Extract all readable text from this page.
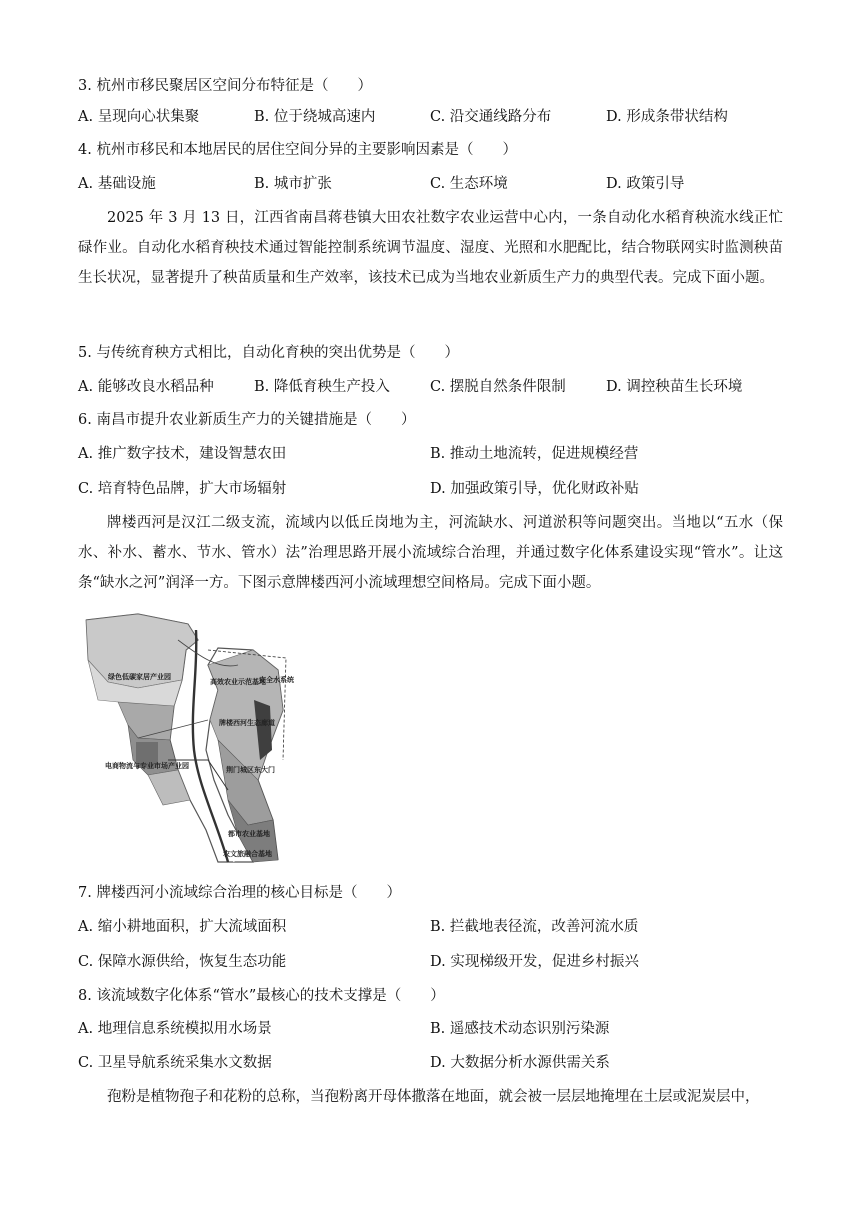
3. 杭州市移民聚居区空间分布特征是（　　）
A. 呈现向心状集聚	B. 位于绕城高速内	C. 沿交通线路分布	D. 形成条带状结构
4. 杭州市移民和本地居民的居住空间分异的主要影响因素是（　　）
A. 基础设施	B. 城市扩张	C. 生态环境	D. 政策引导
2025 年 3 月 13 日，江西省南昌蒋巷镇大田农社数字农业运营中心内，一条自动化水稻育秧流水线正忙碌作业。自动化水稻育秧技术通过智能控制系统调节温度、湿度、光照和水肥配比，结合物联网实时监测秧苗生长状况，显著提升了秧苗质量和生产效率，该技术已成为当地农业新质生产力的典型代表。完成下面小题。
5. 与传统育秧方式相比，自动化育秧的突出优势是（　　）
A. 能够改良水稻品种	B. 降低育秧生产投入	C. 摆脱自然条件限制	D. 调控秧苗生长环境
6. 南昌市提升农业新质生产力的关键措施是（　　）
A. 推广数字技术，建设智慧农田	B. 推动土地流转，促进规模经营
C. 培育特色品牌，扩大市场辐射	D. 加强政策引导，优化财政补贴
牌楼西河是汉江二级支流，流域内以低丘岗地为主，河流缺水、河道淤积等问题突出。当地以“五水（保水、补水、蓄水、节水、管水）法”治理思路开展小流域综合治理，并通过数字化体系建设实现“管水”。让这条“缺水之河”润泽一方。下图示意牌楼西河小流域理想空间格局。完成下面小题。
绿色低碳家居产业园
高效农业示范基地
安全水系统
牌楼西河生态廊道
电商物流与专业市场产业园	荆门城区东大门
都市农业基地
农文旅融合基地
7. 牌楼西河小流域综合治理的核心目标是（　　）
A. 缩小耕地面积，扩大流域面积	B. 拦截地表径流，改善河流水质
C. 保障水源供给，恢复生态功能	D. 实现梯级开发，促进乡村振兴
8. 该流域数字化体系“管水”最核心的技术支撑是（　　）
A. 地理信息系统模拟用水场景	B. 遥感技术动态识别污染源
C. 卫星导航系统采集水文数据	D. 大数据分析水源供需关系
孢粉是植物孢子和花粉的总称，当孢粉离开母体撒落在地面，就会被一层层地掩埋在土层或泥炭层中，
